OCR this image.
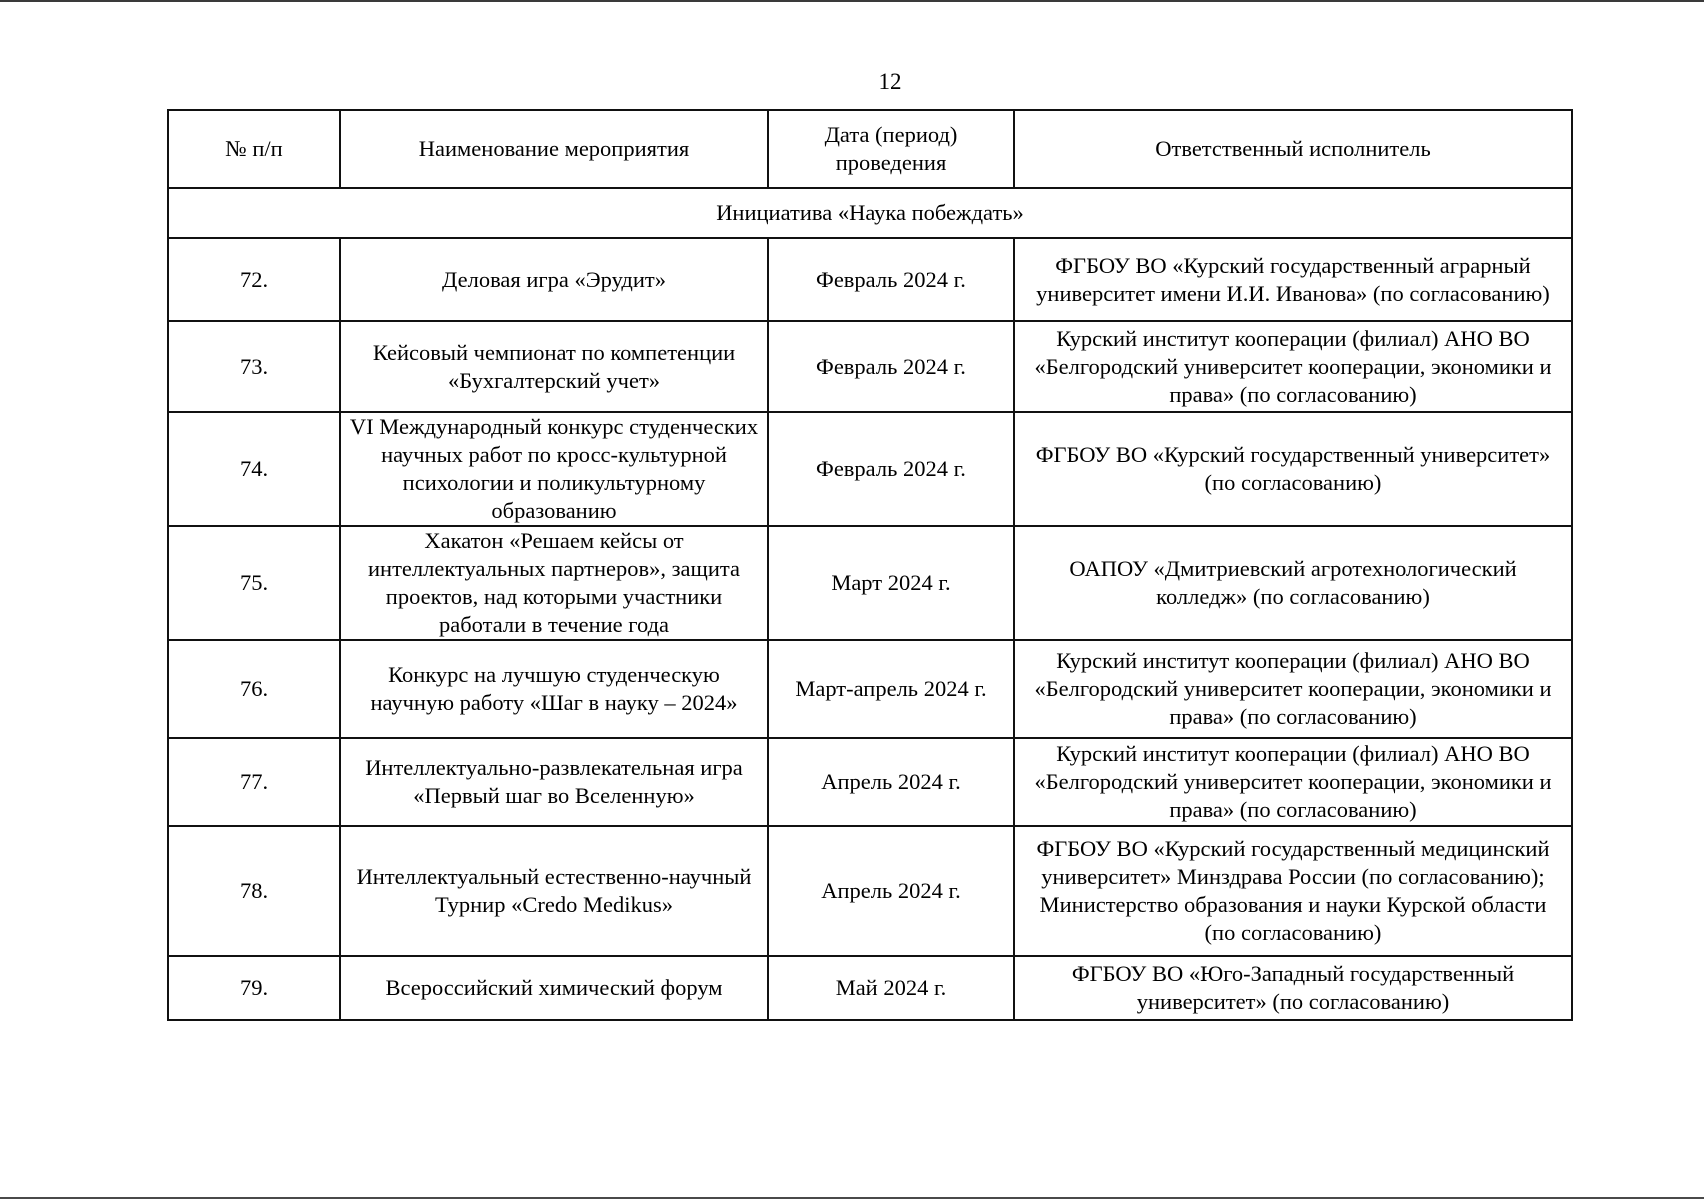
12
№ п/п	Наименование мероприятия	Дата (период) проведения	Ответственный исполнитель
Инициатива «Наука побеждать»			
72.	Деловая игра «Эрудит»	Февраль 2024 г.	ФГБОУ ВО «Курский государственный аграрный университет имени И.И. Иванова» (по согласованию)
73.	Кейсовый чемпионат по компетенции «Бухгалтерский учет»	Февраль 2024 г.	Курский институт кооперации (филиал) АНО ВО «Белгородский университет кооперации, экономики и права» (по согласованию)
74.	VI Международный конкурс студенческих научных работ по кросс-культурной психологии и поликультурному образованию	Февраль 2024 г.	ФГБОУ ВО «Курский государственный университет» (по согласованию)
75.	Хакатон «Решаем кейсы от интеллектуальных партнеров», защита проектов, над которыми участники работали в течение года	Март 2024 г.	ОАПОУ «Дмитриевский агротехнологический колледж» (по согласованию)
76.	Конкурс на лучшую студенческую научную работу «Шаг в науку – 2024»	Март-апрель 2024 г.	Курский институт кооперации (филиал) АНО ВО «Белгородский университет кооперации, экономики и права» (по согласованию)
77.	Интеллектуально-развлекательная игра «Первый шаг во Вселенную»	Апрель 2024 г.	Курский институт кооперации (филиал) АНО ВО «Белгородский университет кооперации, экономики и права» (по согласованию)
78.	Интеллектуальный естественно-научный Турнир «Credo Medikus»	Апрель 2024 г.	ФГБОУ ВО «Курский государственный медицинский университет» Минздрава России (по согласованию); Министерство образования и науки Курской области (по согласованию)
79.	Всероссийский химический форум	Май 2024 г.	ФГБОУ ВО «Юго-Западный государственный университет» (по согласованию)
